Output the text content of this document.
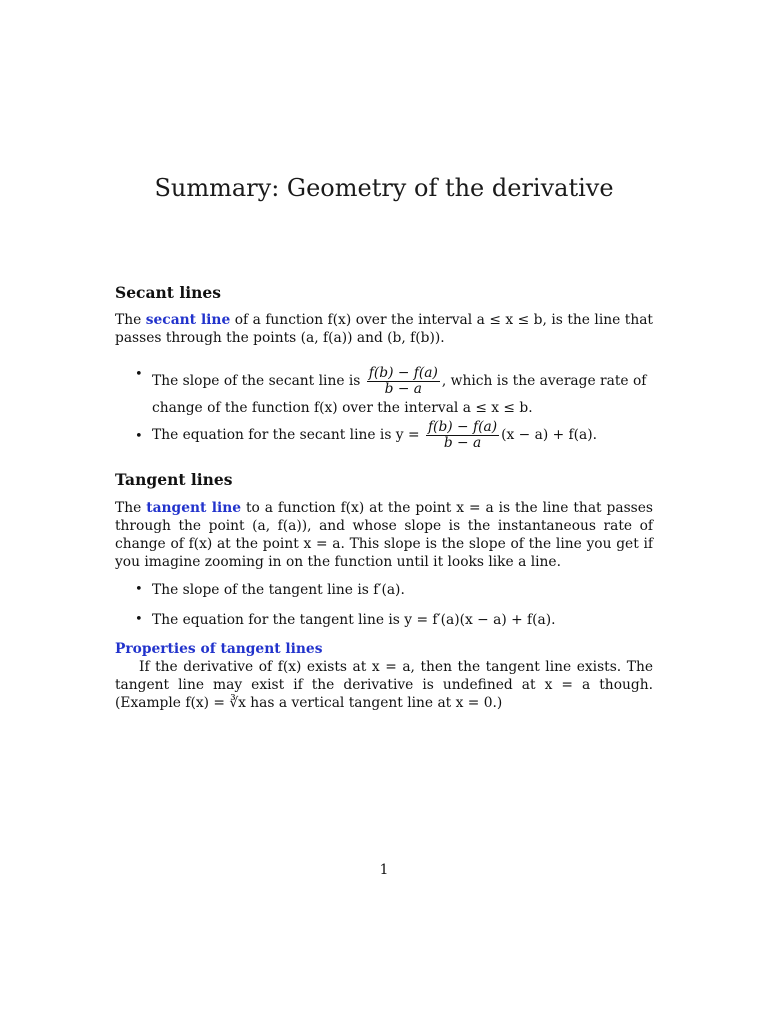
Summary: Geometry of the derivative
Secant lines
The secant line of a function f(x) over the interval a ≤ x ≤ b, is the line that passes through the points (a, f(a)) and (b, f(b)).
• The slope of the secant line is $\frac{f(b) - f(a)}{b - a}$ , which is the average rate of change of the function f(x) over the interval a ≤ x ≤ b.
• The equation for the secant line is $y = \frac{f(b) - f(a)}{b - a} (x - a) + f(a)$.
Tangent lines
The tangent line to a function f(x) at the point x = a is the line that passes through the point (a, f(a)), and whose slope is the instantaneous rate of change of f(x) at the point x = a. This slope is the slope of the line you get if you imagine zooming in on the function until it looks like a line.
• The slope of the tangent line is f′(a).
• The equation for the tangent line is y = f′(a)(x − a) + f(a).
Properties of tangent lines
If the derivative of f(x) exists at x = a, then the tangent line exists. The tangent line may exist if the derivative is undefined at x = a though. (Example f(x) = ∛x has a vertical tangent line at x = 0.)
1
